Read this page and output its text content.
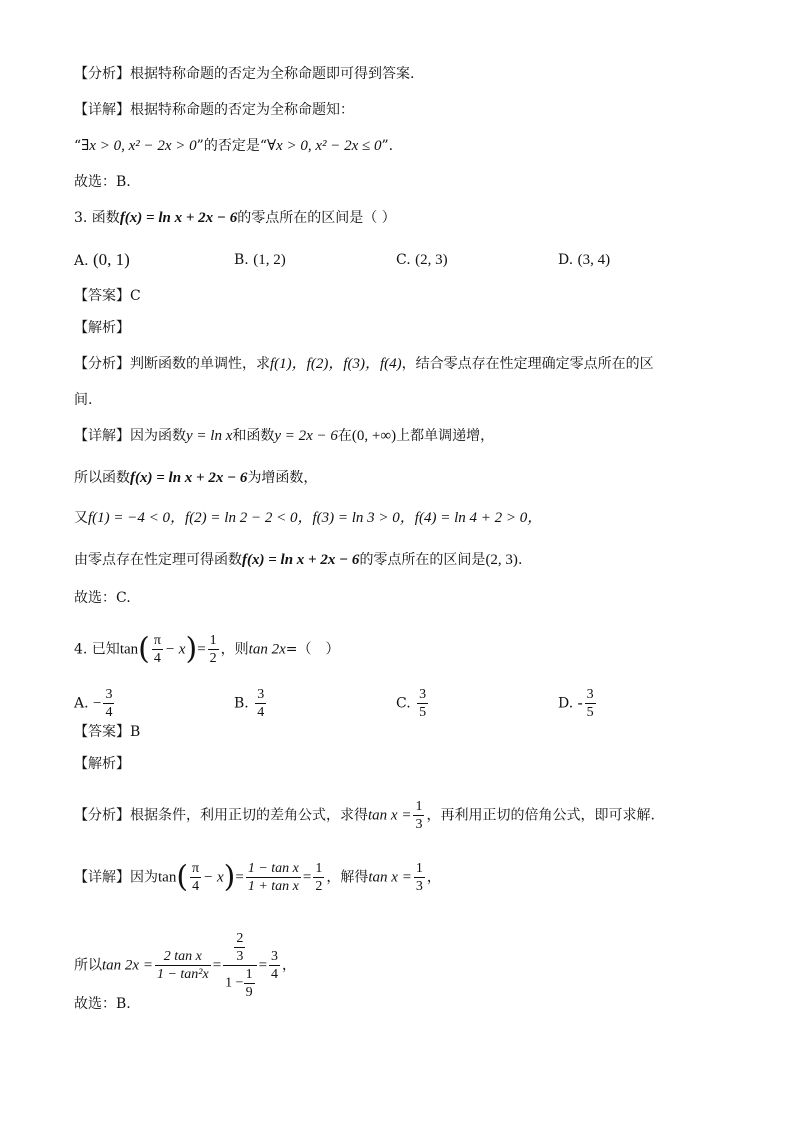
【分析】根据特称命题的否定为全称命题即可得到答案.
【详解】根据特称命题的否定为全称命题知：
“∃x > 0, x² − 2x > 0”的否定是“∀x > 0, x² − 2x ≤ 0”.
故选：B.
3. 函数f(x) = ln x + 2x − 6的零点所在的区间是（ ）
A. (0, 1)	B. (1, 2)	C. (2, 3)	D. (3, 4)
【答案】C
【解析】
【分析】判断函数的单调性，求f(1)，f(2)，f(3)，f(4)，结合零点存在性定理确定零点所在的区
间.
【详解】因为函数y = ln x和函数y = 2x − 6在(0, +∞)上都单调递增，
所以函数f(x) = ln x + 2x − 6为增函数，
又f(1) = −4 < 0，f(2) = ln 2 − 2 < 0，f(3) = ln 3 > 0，f(4) = ln 4 + 2 > 0，
由零点存在性定理可得函数f(x) = ln x + 2x − 6的零点所在的区间是(2, 3).
故选：C.
4. 已知$\tan( \frac{\pi}{4} - x)= \frac{1}{2}$ ，则tan 2x=（　）
A. − $\frac{3}{4}$	B. $\frac{3}{4}$	C. $\frac{3}{5}$	D. - $\frac{3}{5}$
【答案】B
【解析】
【分析】根据条件，利用正切的差角公式，求得$\tan x = \frac{1}{3}$ ，再利用正切的倍角公式，即可求解.
【详解】因为$\tan( \frac{\pi}{4} - x)= \frac{\text{1 − tan x}}{\text{1 + tan x}} = \frac{1}{2}$ ，解得$\tan x = \frac{1}{3}$ ，
所以$\tan 2x = \frac{\text{2 tan x}}{\text{1 − tan²x}} = \frac{\frac{2}{3}}{1 - \frac{1}{9}} = \frac{3}{4}$ ，
故选：B.
